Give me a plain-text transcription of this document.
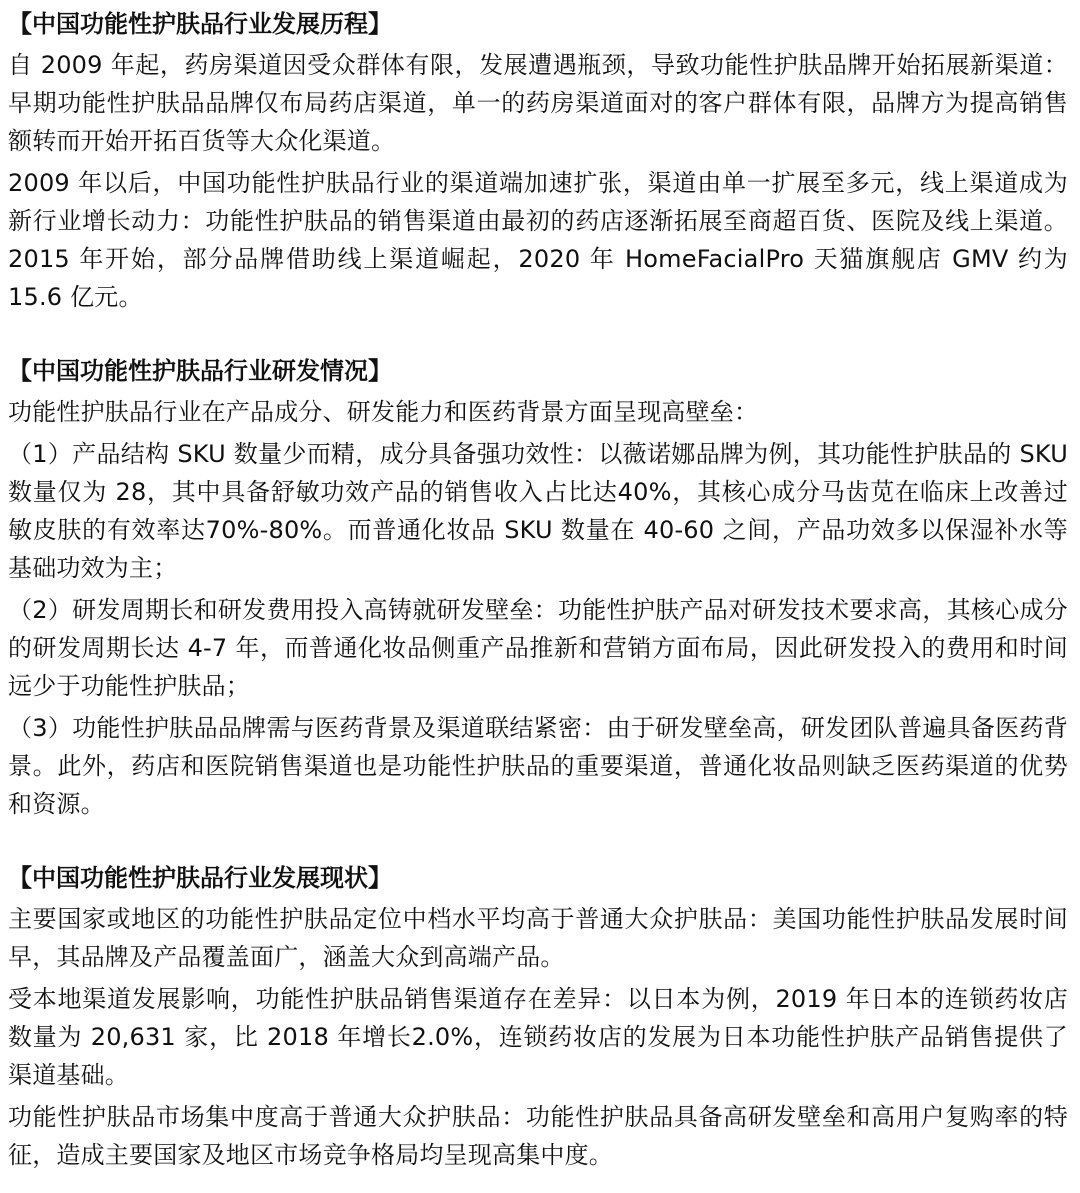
【中国功能性护肤品行业发展历程】

自 2009 年起，药房渠道因受众群体有限，发展遭遇瓶颈，导致功能性护肤品牌开始拓展新渠道：早期功能性护肤品品牌仅布局药店渠道，单一的药房渠道面对的客户群体有限，品牌方为提高销售额转而开始开拓百货等大众化渠道。

2009 年以后，中国功能性护肤品行业的渠道端加速扩张，渠道由单一扩展至多元，线上渠道成为新行业增长动力：功能性护肤品的销售渠道由最初的药店逐渐拓展至商超百货、医院及线上渠道。2015 年开始，部分品牌借助线上渠道崛起，2020 年 HomeFacialPro 天猫旗舰店 GMV 约为 15.6 亿元。

【中国功能性护肤品行业研发情况】

功能性护肤品行业在产品成分、研发能力和医药背景方面呈现高壁垒：

（1）产品结构 SKU 数量少而精，成分具备强功效性：以薇诺娜品牌为例，其功能性护肤品的 SKU 数量仅为 28，其中具备舒敏功效产品的销售收入占比达40%，其核心成分马齿苋在临床上改善过敏皮肤的有效率达70%-80%。而普通化妆品 SKU 数量在 40-60 之间，产品功效多以保湿补水等基础功效为主；

（2）研发周期长和研发费用投入高铸就研发壁垒：功能性护肤产品对研发技术要求高，其核心成分的研发周期长达 4-7 年，而普通化妆品侧重产品推新和营销方面布局，因此研发投入的费用和时间远少于功能性护肤品；

（3）功能性护肤品品牌需与医药背景及渠道联结紧密：由于研发壁垒高，研发团队普遍具备医药背景。此外，药店和医院销售渠道也是功能性护肤品的重要渠道，普通化妆品则缺乏医药渠道的优势和资源。

【中国功能性护肤品行业发展现状】

主要国家或地区的功能性护肤品定位中档水平均高于普通大众护肤品：美国功能性护肤品发展时间早，其品牌及产品覆盖面广，涵盖大众到高端产品。

受本地渠道发展影响，功能性护肤品销售渠道存在差异：以日本为例，2019 年日本的连锁药妆店数量为 20,631 家，比 2018 年增长2.0%，连锁药妆店的发展为日本功能性护肤产品销售提供了渠道基础。

功能性护肤品市场集中度高于普通大众护肤品：功能性护肤品具备高研发壁垒和高用户复购率的特征，造成主要国家及地区市场竞争格局均呈现高集中度。
